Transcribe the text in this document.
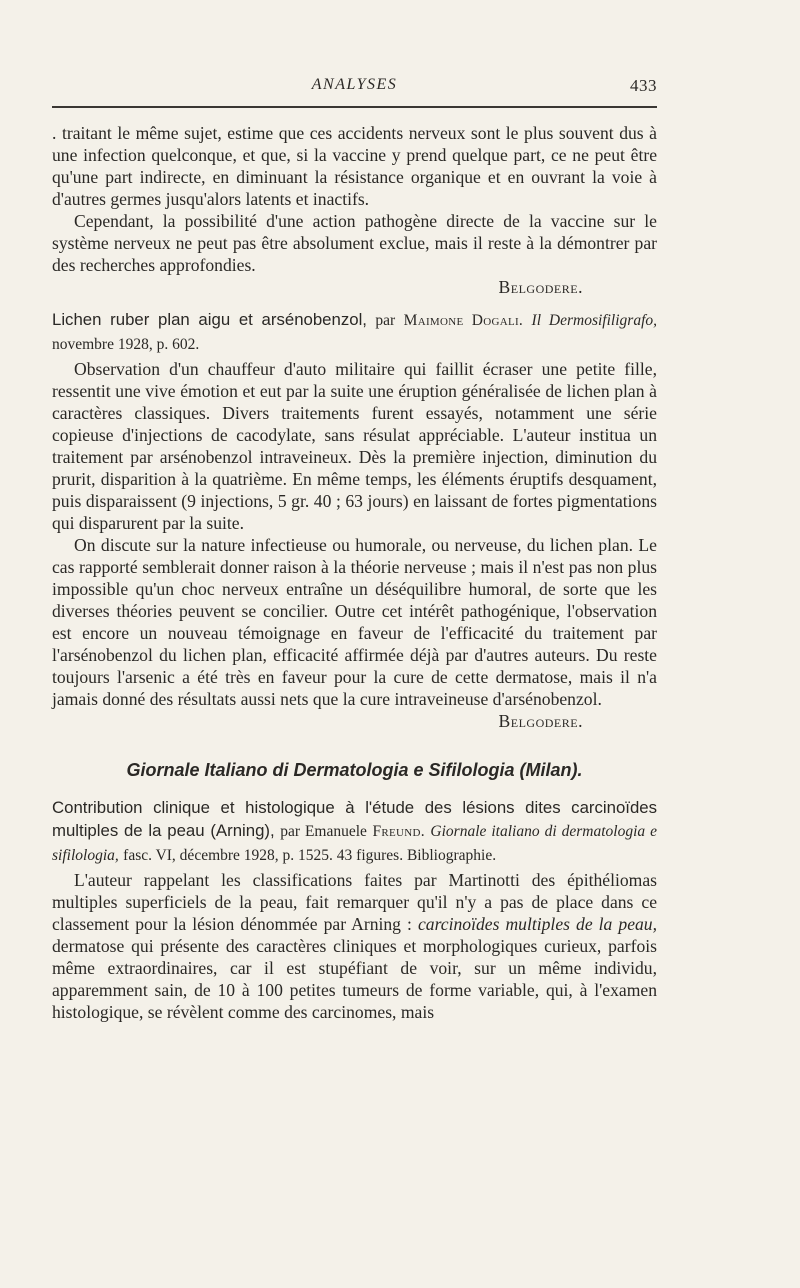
ANALYSES	433

. traitant le même sujet, estime que ces accidents nerveux sont le plus souvent dus à une infection quelconque, et que, si la vaccine y prend quelque part, ce ne peut être qu'une part indirecte, en diminuant la résistance organique et en ouvrant la voie à d'autres germes jusqu'alors latents et inactifs.

Cependant, la possibilité d'une action pathogène directe de la vaccine sur le système nerveux ne peut pas être absolument exclue, mais il reste à la démontrer par des recherches approfondies.

Belgodere.

Lichen ruber plan aigu et arsénobenzol, par Maimone Dogali. Il Dermosifiligrafo, novembre 1928, p. 602.

Observation d'un chauffeur d'auto militaire qui faillit écraser une petite fille, ressentit une vive émotion et eut par la suite une éruption généralisée de lichen plan à caractères classiques. Divers traitements furent essayés, notamment une série copieuse d'injections de cacodylate, sans résulat appréciable. L'auteur institua un traitement par arsénobenzol intraveineux. Dès la première injection, diminution du prurit, disparition à la quatrième. En même temps, les éléments éruptifs desquament, puis disparaissent (9 injections, 5 gr. 40 ; 63 jours) en laissant de fortes pigmentations qui disparurent par la suite.

On discute sur la nature infectieuse ou humorale, ou nerveuse, du lichen plan. Le cas rapporté semblerait donner raison à la théorie nerveuse ; mais il n'est pas non plus impossible qu'un choc nerveux entraîne un déséquilibre humoral, de sorte que les diverses théories peuvent se concilier. Outre cet intérêt pathogénique, l'observation est encore un nouveau témoignage en faveur de l'efficacité du traitement par l'arsénobenzol du lichen plan, efficacité affirmée déjà par d'autres auteurs. Du reste toujours l'arsenic a été très en faveur pour la cure de cette dermatose, mais il n'a jamais donné des résultats aussi nets que la cure intraveineuse d'arsénobenzol.

Belgodere.

Giornale Italiano di Dermatologia e Sifilologia (Milan).

Contribution clinique et histologique à l'étude des lésions dites carcinoïdes multiples de la peau (Arning), par Emanuele Freund. Giornale italiano di dermatologia e sifilologia, fasc. VI, décembre 1928, p. 1525. 43 figures. Bibliographie.

L'auteur rappelant les classifications faites par Martinotti des épithéliomas multiples superficiels de la peau, fait remarquer qu'il n'y a pas de place dans ce classement pour la lésion dénommée par Arning : carcinoïdes multiples de la peau, dermatose qui présente des caractères cliniques et morphologiques curieux, parfois même extraordinaires, car il est stupéfiant de voir, sur un même individu, apparemment sain, de 10 à 100 petites tumeurs de forme variable, qui, à l'examen histologique, se révèlent comme des carcinomes, mais
